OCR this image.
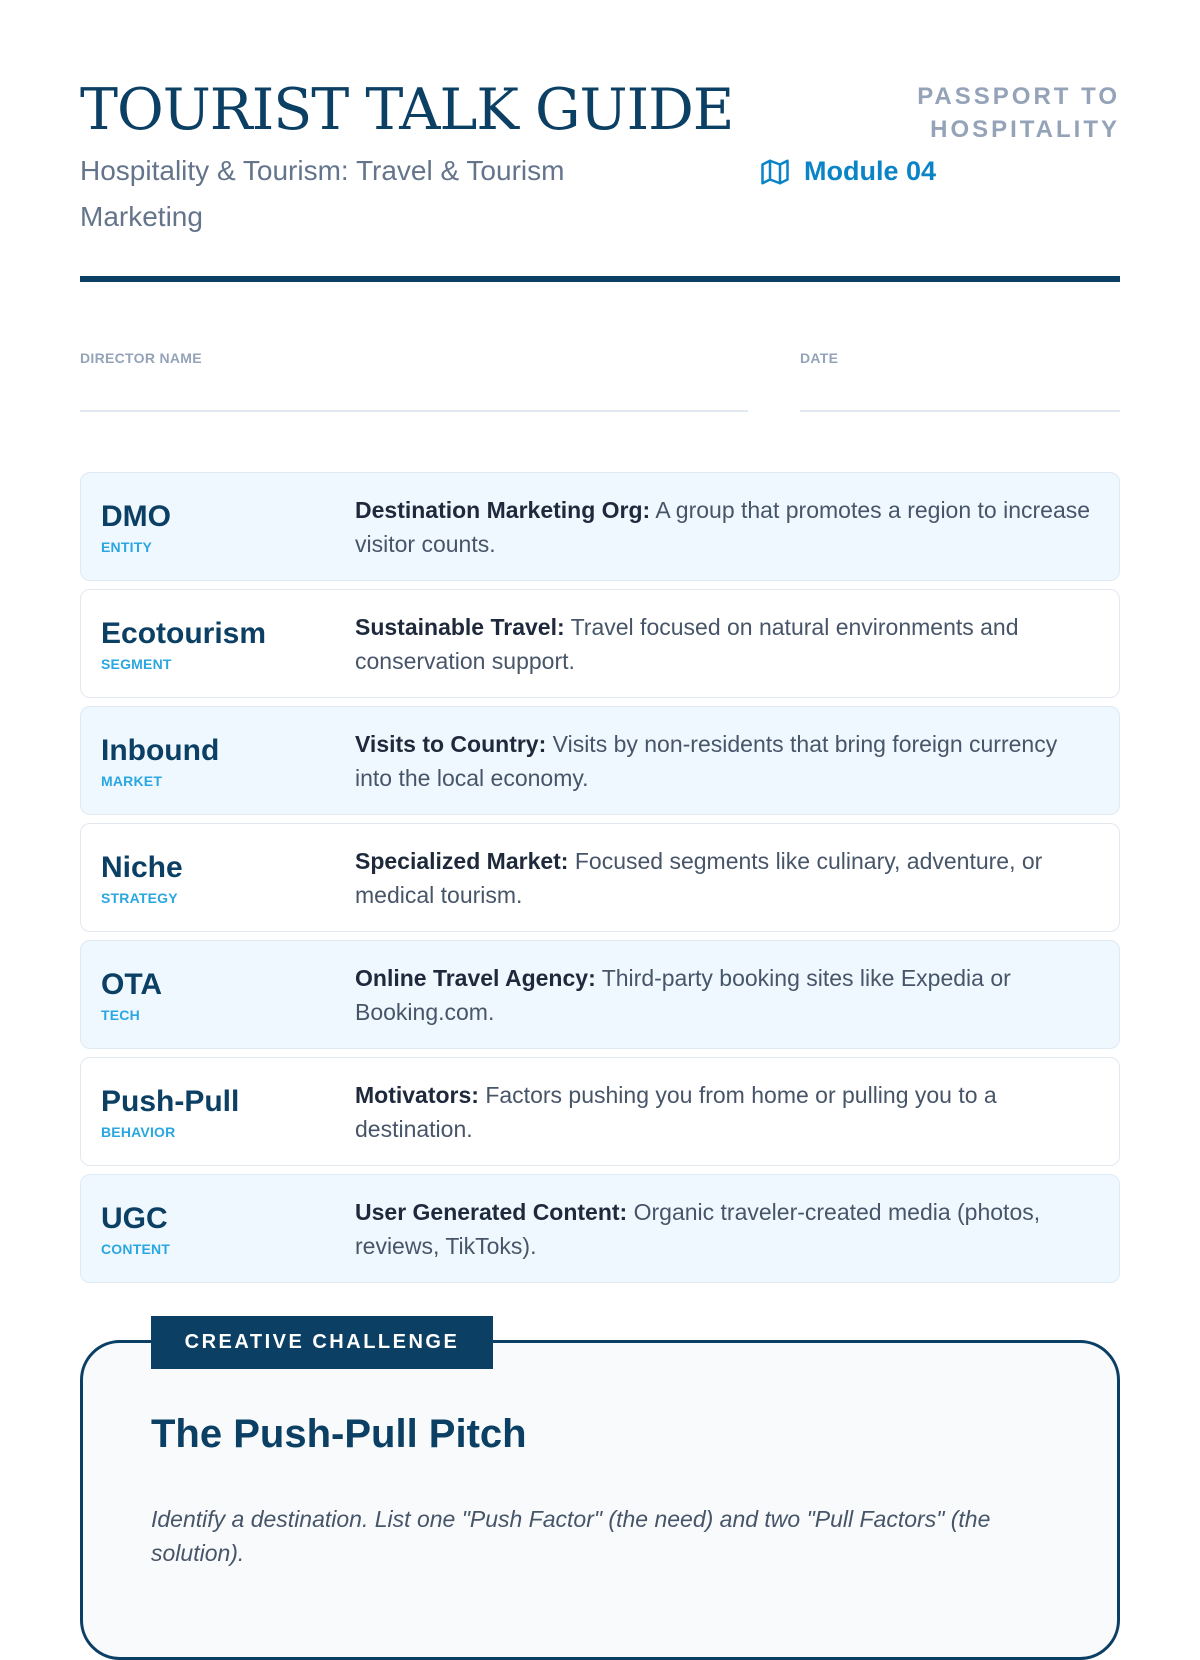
TOURIST TALK GUIDE
Hospitality & Tourism: Travel & Tourism Marketing
PASSPORT TO HOSPITALITY
Module 04
DIRECTOR NAME	DATE
DMO
ENTITY
Destination Marketing Org: A group that promotes a region to increase visitor counts.
Ecotourism
SEGMENT
Sustainable Travel: Travel focused on natural environments and conservation support.
Inbound
MARKET
Visits to Country: Visits by non-residents that bring foreign currency into the local economy.
Niche
STRATEGY
Specialized Market: Focused segments like culinary, adventure, or medical tourism.
OTA
TECH
Online Travel Agency: Third-party booking sites like Expedia or Booking.com.
Push-Pull
BEHAVIOR
Motivators: Factors pushing you from home or pulling you to a destination.
UGC
CONTENT
User Generated Content: Organic traveler-created media (photos, reviews, TikToks).
CREATIVE CHALLENGE
The Push-Pull Pitch
Identify a destination. List one "Push Factor" (the need) and two "Pull Factors" (the solution).
